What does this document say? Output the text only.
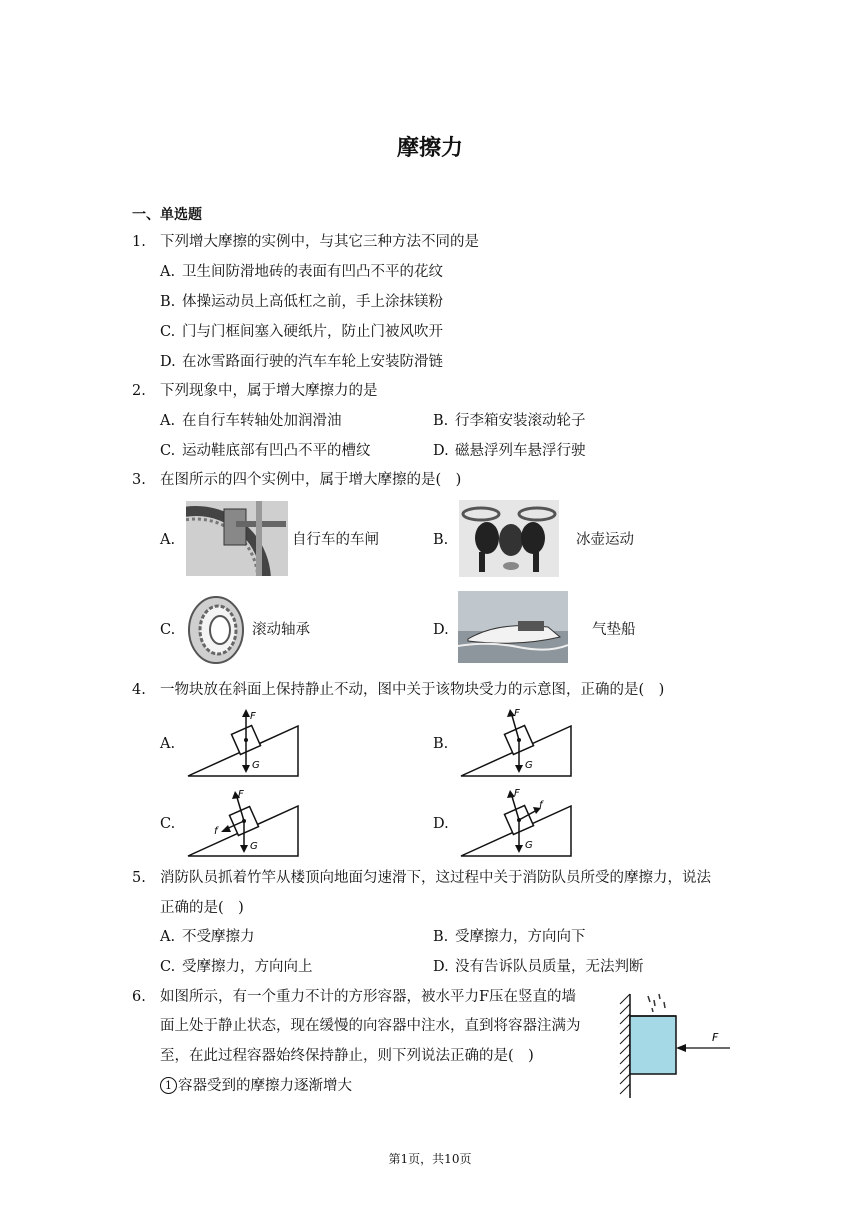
摩擦力
一、单选题
1. 下列增大摩擦的实例中，与其它三种方法不同的是
A. 卫生间防滑地砖的表面有凹凸不平的花纹
B. 体操运动员上高低杠之前，手上涂抹镁粉
C. 门与门框间塞入硬纸片，防止门被风吹开
D. 在冰雪路面行驶的汽车车轮上安装防滑链
2. 下列现象中，属于增大摩擦力的是
A. 在自行车转轴处加润滑油	B. 行李箱安装滚动轮子
C. 运动鞋底部有凹凸不平的槽纹	D. 磁悬浮列车悬浮行驶
3. 在图所示的四个实例中，属于增大摩擦的是(　)
A.	自行车的车闸	B.	冰壶运动
C.	滚动轴承	D.	气垫船
4. 一物块放在斜面上保持静止不动，图中关于该物块受力的示意图，正确的是(　)
A.
F
G
B.
F
G
C.
F
f
G
D.
F
f
G
5. 消防队员抓着竹竿从楼顶向地面匀速滑下，这过程中关于消防队员所受的摩擦力，说法
正确的是(　)
A. 不受摩擦力	B. 受摩擦力，方向向下
C. 受摩擦力，方向向上	D. 没有告诉队员质量，无法判断
6. 如图所示，有一个重力不计的方形容器，被水平力F压在竖直的墙
面上处于静止状态，现在缓慢的向容器中注水，直到将容器注满为
至，在此过程容器始终保持静止，则下列说法正确的是(　)
1 容器受到的摩擦力逐渐增大
F
第1页，共10页
